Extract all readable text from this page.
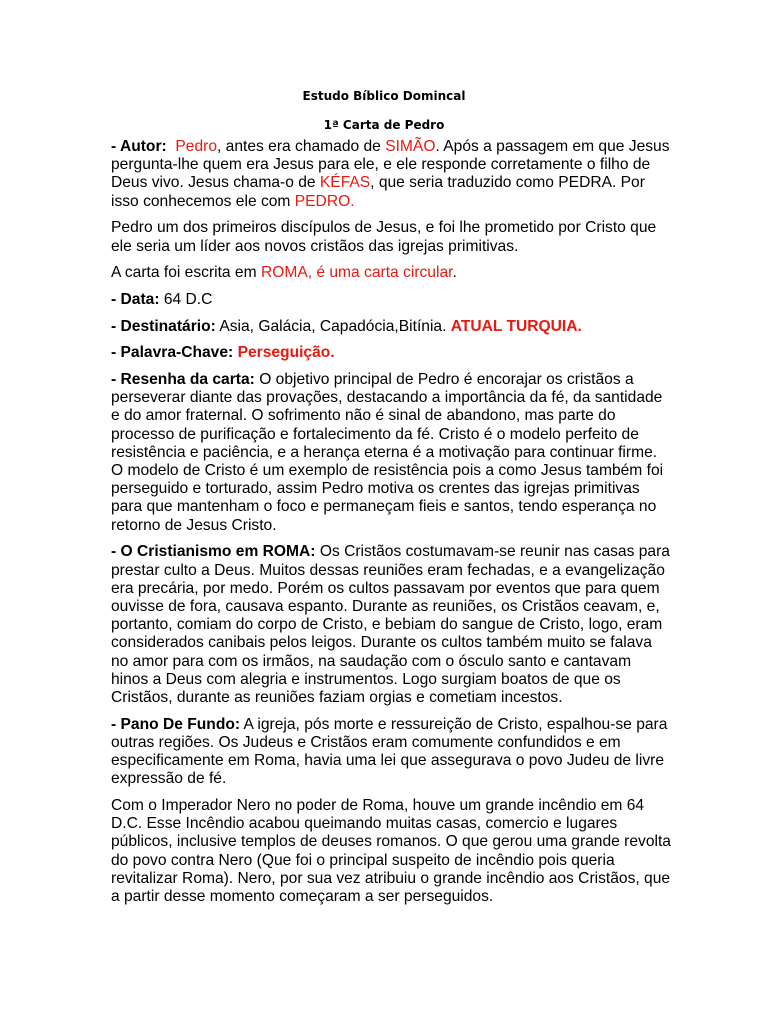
Estudo Bíblico Domincal
1ª Carta de Pedro

- Autor: Pedro, antes era chamado de SIMÃO. Após a passagem em que Jesus pergunta-lhe quem era Jesus para ele, e ele responde corretamente o filho de Deus vivo. Jesus chama-o de KÉFAS, que seria traduzido como PEDRA. Por isso conhecemos ele com PEDRO.

Pedro um dos primeiros discípulos de Jesus, e foi lhe prometido por Cristo que ele seria um líder aos novos cristãos das igrejas primitivas.

A carta foi escrita em ROMA, é uma carta circular.

- Data: 64 D.C

- Destinatário: Asia, Galácia, Capadócia,Bitínia. ATUAL TURQUIA.

- Palavra-Chave: Perseguição.

- Resenha da carta: O objetivo principal de Pedro é encorajar os cristãos a perseverar diante das provações, destacando a importância da fé, da santidade e do amor fraternal. O sofrimento não é sinal de abandono, mas parte do processo de purificação e fortalecimento da fé. Cristo é o modelo perfeito de resistência e paciência, e a herança eterna é a motivação para continuar firme. O modelo de Cristo é um exemplo de resistência pois a como Jesus também foi perseguido e torturado, assim Pedro motiva os crentes das igrejas primitivas para que mantenham o foco e permaneçam fieis e santos, tendo esperança no retorno de Jesus Cristo.

- O Cristianismo em ROMA: Os Cristãos costumavam-se reunir nas casas para prestar culto a Deus. Muitos dessas reuniões eram fechadas, e a evangelização era precária, por medo. Porém os cultos passavam por eventos que para quem ouvisse de fora, causava espanto. Durante as reuniões, os Cristãos ceavam, e, portanto, comiam do corpo de Cristo, e bebiam do sangue de Cristo, logo, eram considerados canibais pelos leigos. Durante os cultos também muito se falava no amor para com os irmãos, na saudação com o ósculo santo e cantavam hinos a Deus com alegria e instrumentos. Logo surgiam boatos de que os Cristãos, durante as reuniões faziam orgias e cometiam incestos.

- Pano De Fundo: A igreja, pós morte e ressureição de Cristo, espalhou-se para outras regiões. Os Judeus e Cristãos eram comumente confundidos e em especificamente em Roma, havia uma lei que assegurava o povo Judeu de livre expressão de fé.

Com o Imperador Nero no poder de Roma, houve um grande incêndio em 64 D.C. Esse Incêndio acabou queimando muitas casas, comercio e lugares públicos, inclusive templos de deuses romanos. O que gerou uma grande revolta do povo contra Nero (Que foi o principal suspeito de incêndio pois queria revitalizar Roma). Nero, por sua vez atribuiu o grande incêndio aos Cristãos, que a partir desse momento começaram a ser perseguidos.
